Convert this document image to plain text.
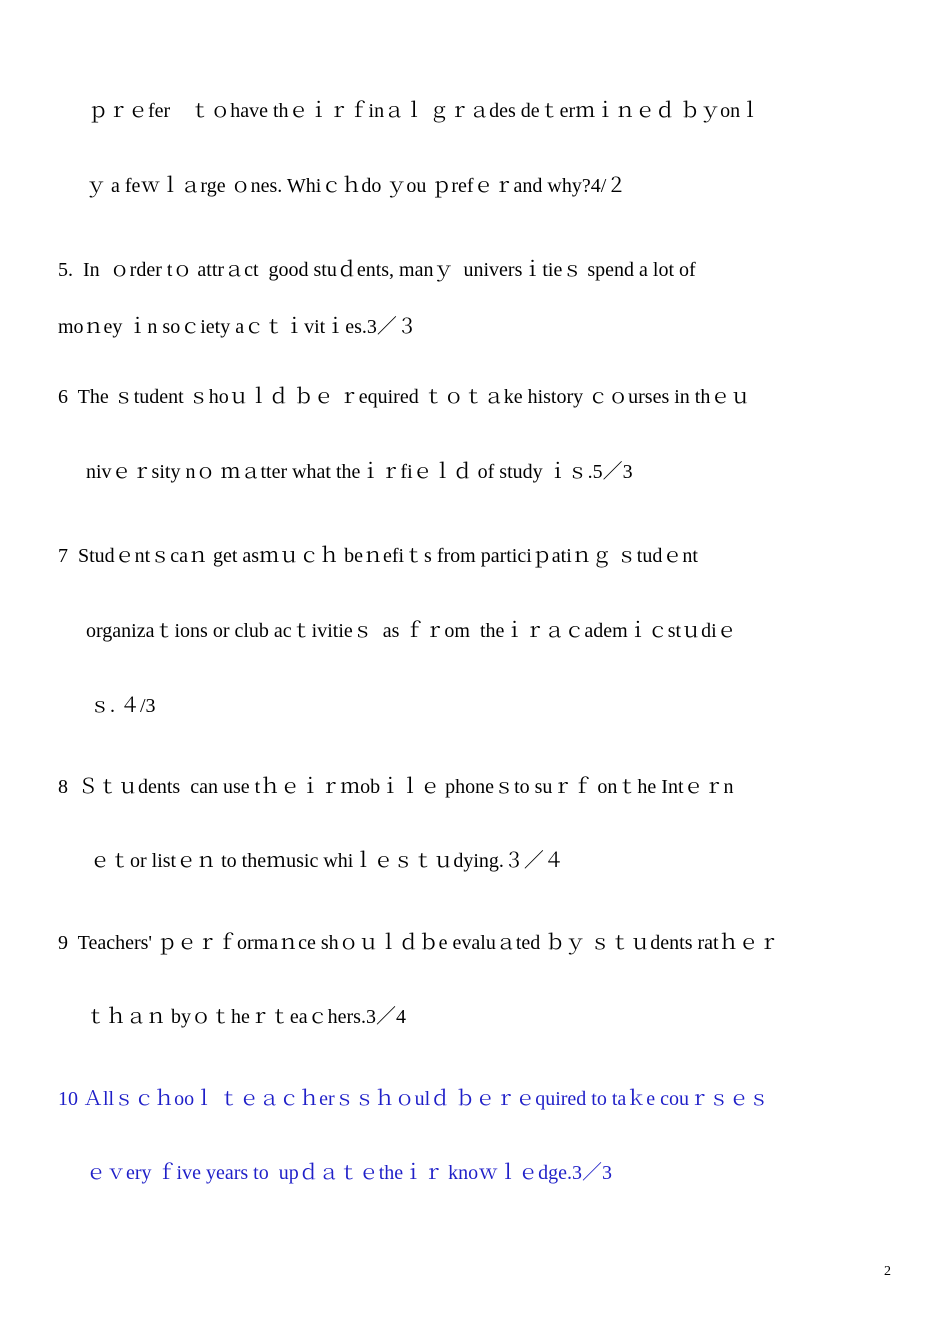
ｐｒｅfer　ｔｏhave thｅｉｒｆinａｌ ｇｒａdes deｔerｍｉｎｅｄ ｂｙonｌ
ｙ a feｗｌａrge ｏnes. Whiｃｈdo ｙou ｐrefｅｒand why?4/２
5.  In  ｏrder tｏ attrａct  good stuｄents, manｙ  universｉtieｓ spend a lot of
moｎey ｉn soｃiety aｃｔｉvitｉes.3／３
6  The ｓtudent ｓhoｕｌｄ ｂｅ ｒequired ｔｏｔａke history ｃｏurses in thｅｕ
nivｅｒsity nｏ ｍａtter what theｉｒfiｅｌｄ of study ｉｓ.5／3
7  Studｅntｓcaｎ get asｍｕｃｈ beｎefiｔs from particiｐatiｎｇ ｓtudｅnt
organizaｔions or club acｔivitieｓ  as ｆｒom  theｉｒａｃademｉｃstｕdiｅ
ｓ. ４/3
8  Ｓｔｕdents  can use tｈｅｉｒｍobｉｌｅ phoneｓto suｒｆ onｔhe Intｅｒn
ｅｔor listｅｎ to theｍusic whiｌｅｓｔｕdying.３／４
9  Teachers' ｐｅｒｆormaｎce shｏｕｌｄｂe evaluａted ｂｙ ｓｔｕdents ratｈｅｒ
ｔｈａｎ byｏｔheｒｔeaｃhers.3／4
10 Ａllｓｃｈooｌ ｔｅａｃｈerｓｓｈｏulｄ ｂｅｒｅquired to taｋe couｒｓｅｓ
ｅｖery ｆive years to  upｄａｔｅtheｉｒ knoｗｌｅdge.3／3
2
